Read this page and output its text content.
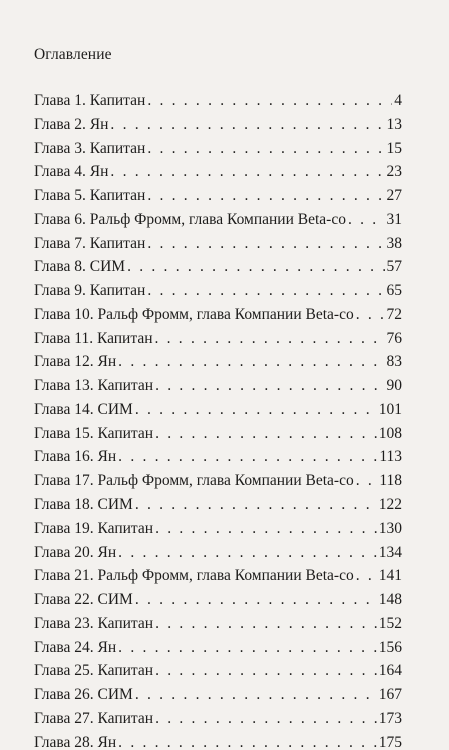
Оглавление
Глава 1. Капитан . . .	4
Глава 2. Ян . . .	13
Глава 3. Капитан . . .	15
Глава 4. Ян . . .	23
Глава 5. Капитан . . .	27
Глава 6. Ральф Фромм, глава Компании Beta-co . . .	31
Глава 7. Капитан . . .	38
Глава 8. СИМ . . .	57
Глава 9. Капитан . . .	65
Глава 10. Ральф Фромм, глава Компании Beta-co . . . 72
Глава 11. Капитан . . .	76
Глава 12. Ян . . .	83
Глава 13. Капитан . . .	90
Глава 14. СИМ . . .	101
Глава 15. Капитан . . .	108
Глава 16. Ян . . .	113
Глава 17. Ральф Фромм, глава Компании Beta-co . . . 118
Глава 18. СИМ . . .	122
Глава 19. Капитан . . .	130
Глава 20. Ян . . .	134
Глава 21. Ральф Фромм, глава Компании Beta-co . . . 141
Глава 22. СИМ . . .	148
Глава 23. Капитан . . .	152
Глава 24. Ян . . .	156
Глава 25. Капитан . . .	164
Глава 26. СИМ . . .	167
Глава 27. Капитан . . .	173
Глава 28. Ян . . .	175
